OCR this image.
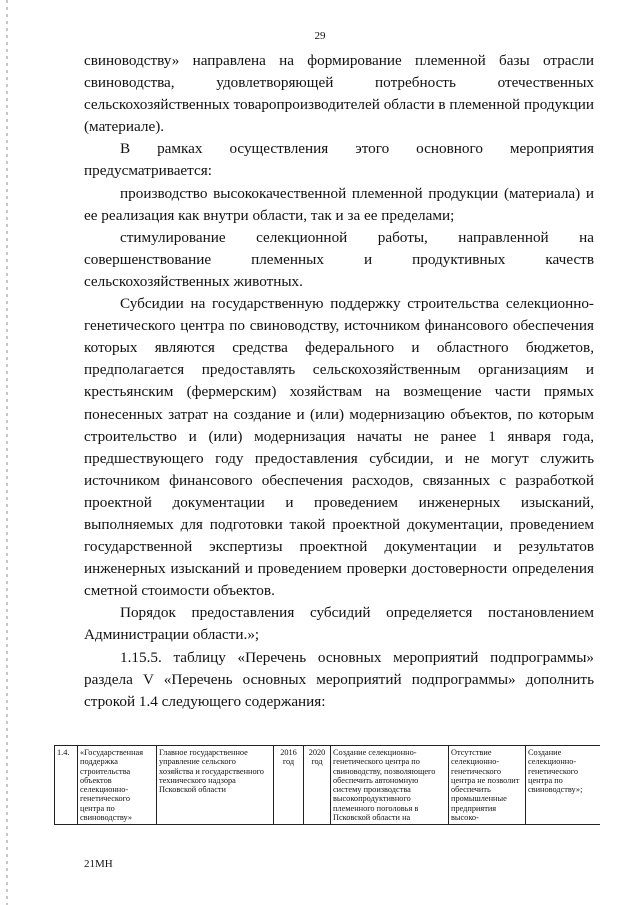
29

свиноводству» направлена на формирование племенной базы отрасли свиноводства, удовлетворяющей потребность отечественных сельскохозяйственных товаропроизводителей области в племенной продукции (материале).

В рамках осуществления этого основного мероприятия предусматривается:

производство высококачественной племенной продукции (материала) и ее реализация как внутри области, так и за ее пределами;

стимулирование селекционной работы, направленной на совершенствование племенных и продуктивных качеств сельскохозяйственных животных.

Субсидии на государственную поддержку строительства селекционно-генетического центра по свиноводству, источником финансового обеспечения которых являются средства федерального и областного бюджетов, предполагается предоставлять сельскохозяйственным организациям и крестьянским (фермерским) хозяйствам на возмещение части прямых понесенных затрат на создание и (или) модернизацию объектов, по которым строительство и (или) модернизация начаты не ранее 1 января года, предшествующего году предоставления субсидии, и не могут служить источником финансового обеспечения расходов, связанных с разработкой проектной документации и проведением инженерных изысканий, выполняемых для подготовки такой проектной документации, проведением государственной экспертизы проектной документации и результатов инженерных изысканий и проведением проверки достоверности определения сметной стоимости объектов.

Порядок предоставления субсидий определяется постановлением Администрации области.»;

1.15.5. таблицу «Перечень основных мероприятий подпрограммы» раздела V «Перечень основных мероприятий подпрограммы» дополнить строкой 1.4 следующего содержания:

1.4.	«Государственная поддержка строительства объектов селекционно-генетического центра по свиноводству»	Главное государственное управление сельского хозяйства и государственного технического надзора Псковской области	2016 год	2020 год	Создание селекционно-генетического центра по свиноводству, позволяющего обеспечить автономную систему производства высокопродуктивного племенного поголовья в Псковской области на	Отсутствие селекционно-генетического центра не позволит обеспечить промышленные предприятия высоко-	Создание селекционно-генетического центра по свиноводству»;
21МН
